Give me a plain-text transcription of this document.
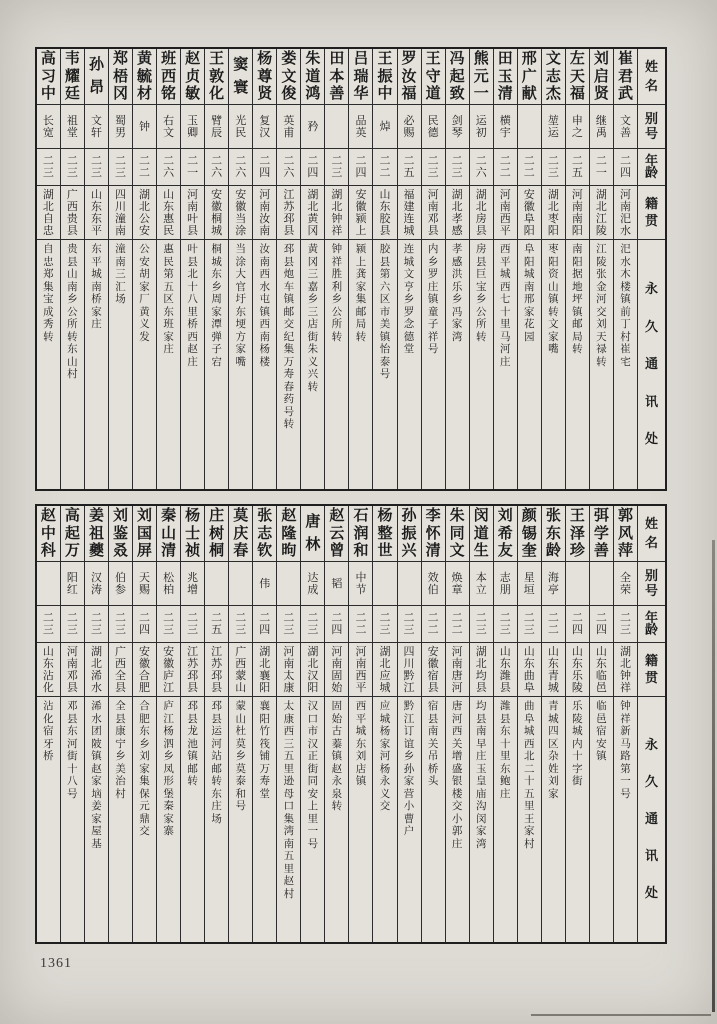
姓
名
别
号
年
龄
籍
贯
永
久
通
讯
处
崔
君
武
文
善
二
四
河
南
汜
水
汜
水
木
楼
镇
前
丁
村
崔
宅
刘
启
贤
继
禹
二
一
湖
北
江
陵
江
陵
张
金
河
交
刘
天
禄
转
左
天
福
申
之
二
五
河
南
南
阳
南
阳
据
地
坪
镇
邮
局
转
文
志
杰
堃
运
二
三
湖
北
枣
阳
枣
阳
资
山
镇
转
文
家
嘴
邢
广
献
二
二
安
徽
阜
阳
阜
阳
城
南
邢
家
花
园
田
玉
清
横
宇
二
二
河
南
西
平
西
平
城
西
七
十
里
马
河
庄
熊
元
一
运
初
二
六
湖
北
房
县
房
县
巨
宝
乡
公
所
转
冯
起
致
剑
琴
二
三
湖
北
孝
感
孝
感
洪
乐
乡
冯
家
湾
王
守
道
民
德
二
三
河
南
邓
县
内
乡
罗
庄
镇
童
子
祥
号
罗
汝
福
必
赐
二
五
福
建
连
城
连
城
文
亨
乡
罗
念
德
堂
王
振
中
焯
二
二
山
东
胶
县
胶
县
第
六
区
市
美
镇
怡
泰
号
吕
瑞
华
品
英
二
四
安
徽
颍
上
颍
上
龚
家
集
邮
局
转
田
本
善
二
三
湖
北
钟
祥
钟
祥
胜
利
乡
公
所
转
朱
道
鸿
矜
二
四
湖
北
黄
冈
黄
冈
三
嘉
乡
三
店
街
朱
义
兴
转
娄
文
俊
英
甫
二
六
江
苏
邳
县
邳
县
炮
车
镇
邮
交
纪
集
万
寿
春
药
号
转
杨
尊
贤
复
汉
二
四
河
南
汝
南
汝
南
西
水
屯
镇
西
南
杨
楼
窦
寰
光
民
二
六
安
徽
当
涂
当
涂
大
官
圩
东
埂
方
家
嘴
王
敦
化
臂
辰
二
六
安
徽
桐
城
桐
城
东
乡
周
家
潭
弹
子
宕
赵
贞
敏
玉
卿
二
一
河
南
叶
县
叶
县
北
十
八
里
桥
西
赵
庄
班
西
铭
右
文
二
六
山
东
惠
民
惠
民
第
五
区
东
班
家
庄
黄
毓
材
钟
二
二
湖
北
公
安
公
安
胡
家
厂
黄
义
发
郑
梧
冈
蜀
男
二
三
四
川
潼
南
潼
南
三
汇
场
孙
昂
文
轩
二
三
山
东
东
平
东
平
城
南
桥
家
庄
韦
耀
廷
祖
堂
二
三
广
西
贵
县
贵
县
山
南
乡
公
所
转
东
山
村
高
习
中
长
宽
二
三
湖
北
自
忠
自
忠
郑
集
宝
成
秀
转
姓
名
别
号
年
龄
籍
贯
永
久
通
讯
处
郭
风
萍
全
荣
二
三
湖
北
钟
祥
钟
祥
新
马
路
第
一
号
弭
学
善
二
四
山
东
临
邑
临
邑
宿
安
镇
王
泽
珍
二
四
山
东
乐
陵
乐
陵
城
内
十
字
街
张
东
龄
海
亭
二
二
山
东
青
城
青
城
四
区
杂
姓
刘
家
颜
锡
奎
星
垣
二
三
山
东
曲
阜
曲
阜
城
西
北
二
十
五
里
王
家
村
刘
希
友
志
朋
二
三
山
东
潍
县
潍
县
东
十
里
东
鲍
庄
闵
道
生
本
立
二
三
湖
北
均
县
均
县
南
早
庄
玉
皇
庙
沟
闵
家
湾
朱
同
文
焕
章
二
二
河
南
唐
河
唐
河
西
关
增
盛
银
楼
交
小
郭
庄
李
怀
清
效
伯
二
二
安
徽
宿
县
宿
县
南
关
吊
桥
头
孙
振
兴
二
三
四
川
黔
江
黔
江
订
谊
乡
孙
家
营
小
曹
户
杨
整
世
二
三
湖
北
应
城
应
城
杨
家
河
杨
永
义
交
石
润
和
中
节
二
二
河
南
西
平
西
平
城
东
刘
店
镇
赵
云
曾
韬
二
四
河
南
固
始
固
始
古
蓁
镇
赵
永
泉
转
唐
林
达
成
二
三
湖
北
汉
阳
汉
口
市
汉
正
街
同
安
上
里
一
号
赵
隆
昫
二
三
河
南
太
康
太
康
西
三
五
里
逊
母
口
集
湾
南
五
里
赵
村
张
志
钦
伟
二
四
湖
北
襄
阳
襄
阳
竹
筏
铺
万
寿
堂
莫
庆
春
二
三
广
西
蒙
山
蒙
山
杜
莫
乡
莫
泰
和
号
庄
树
桐
二
五
江
苏
邳
县
邳
县
运
河
站
邮
转
东
庄
场
杨
士
祯
兆
增
二
三
江
苏
邳
县
邳
县
龙
池
镇
邮
转
秦
山
清
松
柏
二
三
安
徽
庐
江
庐
江
杨
泗
乡
凤
形
堡
秦
家
寨
刘
国
屏
天
赐
二
四
安
徽
合
肥
合
肥
东
乡
刘
家
集
保
元
鼎
交
刘
鉴
叒
伯
参
二
三
广
西
全
县
全
县
康
宁
乡
美
治
村
姜
祖
夔
汉
涛
二
三
湖
北
浠
水
浠
水
团
陂
镇
赵
家
垴
姜
家
屋
基
高
起
万
阳
红
二
三
河
南
邓
县
邓
县
东
河
街
十
八
号
赵
中
科
二
三
山
东
沾
化
沾
化
宿
牙
桥
1361
